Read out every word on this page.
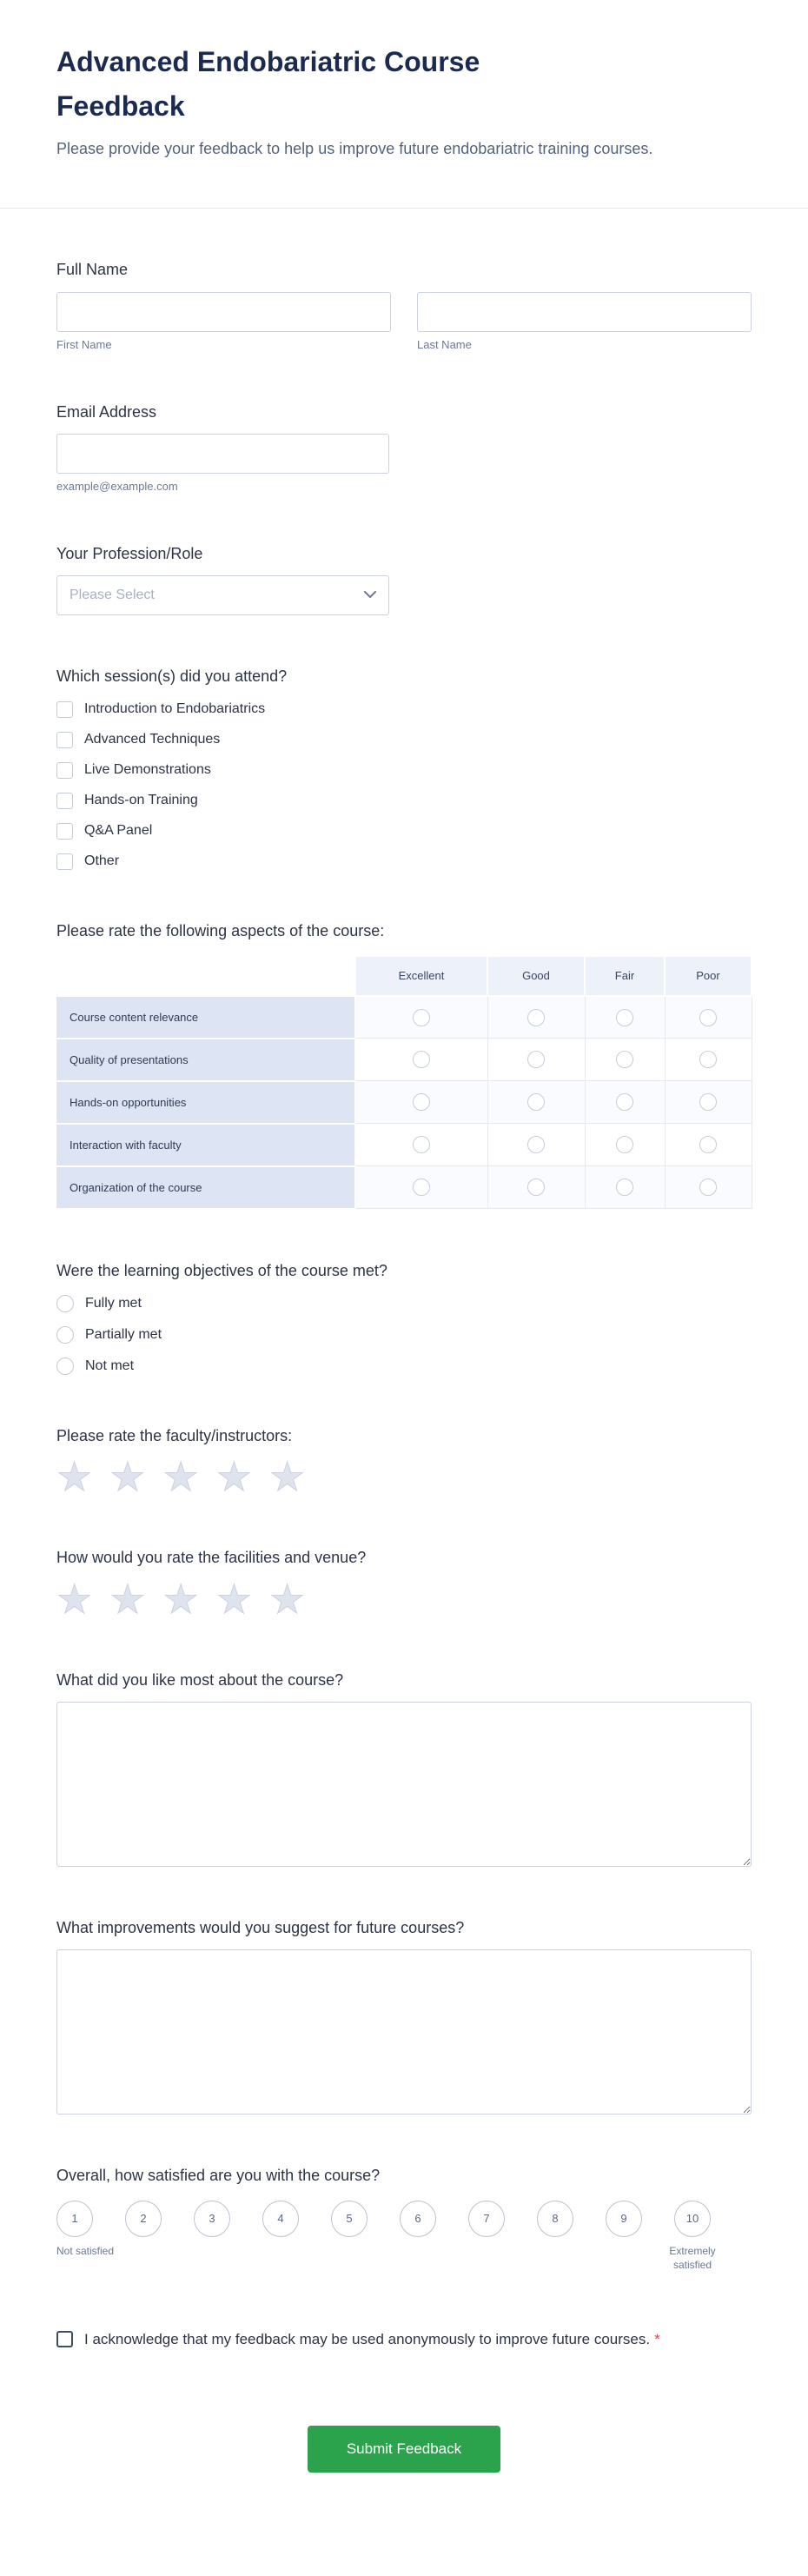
Advanced Endobariatric Course Feedback

Please provide your feedback to help us improve future endobariatric training courses.

Full Name
First Name	Last Name
Email Address
example@example.com
Your Profession/Role
Please Select
Which session(s) did you attend?
Introduction to Endobariatrics
Advanced Techniques
Live Demonstrations
Hands-on Training
Q&A Panel
Other
Please rate the following aspects of the course:
	Excellent	Good	Fair	Poor
Course content relevance				
Quality of presentations				
Hands-on opportunities				
Interaction with faculty				
Organization of the course				
Were the learning objectives of the course met?
Fully met
Partially met
Not met
Please rate the faculty/instructors:
★ ★ ★ ★ ★
How would you rate the facilities and venue?
★ ★ ★ ★ ★
What did you like most about the course?
What improvements would you suggest for future courses?
Overall, how satisfied are you with the course?
1	2	3	4	5	6	7	8	9	10
Not satisfied	Extremely satisfied
I acknowledge that my feedback may be used anonymously to improve future courses. *
Submit Feedback
